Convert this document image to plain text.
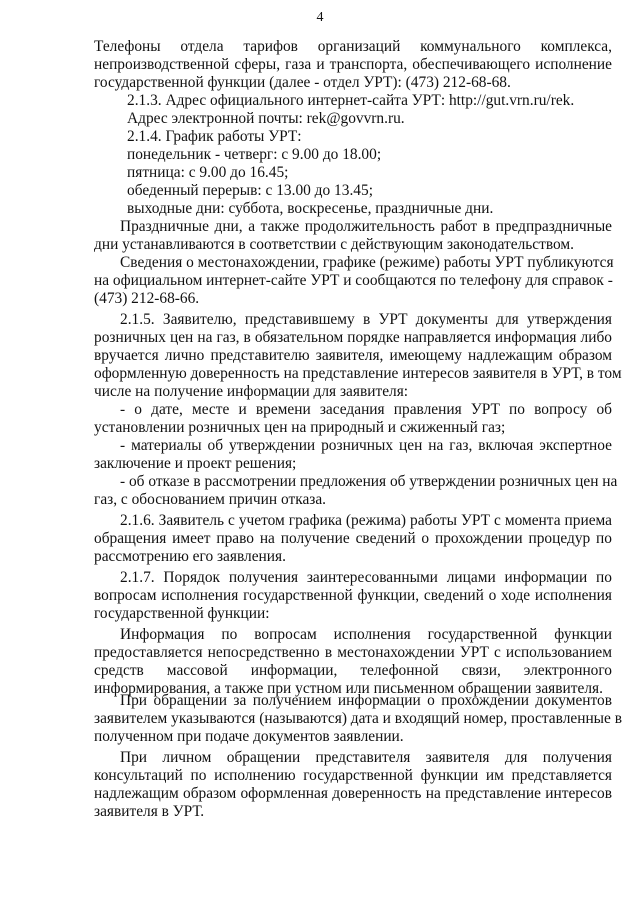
4
Телефоны отдела тарифов организаций коммунального комплекса,
непроизводственной сферы, газа и транспорта, обеспечивающего исполнение
государственной функции (далее - отдел УРТ): (473) 212-68-68.
2.1.3. Адрес официального интернет-сайта УРТ: http://gut.vrn.ru/rek.
Адрес электронной почты: rek@govvrn.ru.
2.1.4. График работы УРТ:
понедельник - четверг: с 9.00 до 18.00;
пятница: с 9.00 до 16.45;
обеденный перерыв: с 13.00 до 13.45;
выходные дни: суббота, воскресенье, праздничные дни.
Праздничные дни, а также продолжительность работ в предпраздничные
дни устанавливаются в соответствии с действующим законодательством.
Сведения о местонахождении, графике (режиме) работы УРТ публикуются
на официальном интернет-сайте УРТ и сообщаются по телефону для справок -
(473) 212-68-66.
2.1.5. Заявителю, представившему в УРТ документы для утверждения
розничных цен на газ, в обязательном порядке направляется информация либо
вручается лично представителю заявителя, имеющему надлежащим образом
оформленную доверенность на представление интересов заявителя в УРТ, в том
числе на получение информации для заявителя:
- о дате, месте и времени заседания правления УРТ по вопросу об
установлении розничных цен на природный и сжиженный газ;
- материалы об утверждении розничных цен на газ, включая экспертное
заключение и проект решения;
- об отказе в рассмотрении предложения об утверждении розничных цен на
газ, с обоснованием причин отказа.
2.1.6. Заявитель с учетом графика (режима) работы УРТ с момента приема
обращения имеет право на получение сведений о прохождении процедур по
рассмотрению его заявления.
2.1.7. Порядок получения заинтересованными лицами информации по
вопросам исполнения государственной функции, сведений о ходе исполнения
государственной функции:
Информация по вопросам исполнения государственной функции
предоставляется непосредственно в местонахождении УРТ с использованием
средств массовой информации, телефонной связи, электронного
информирования, а также при устном или письменном обращении заявителя.
При обращении за получением информации о прохождении документов
заявителем указываются (называются) дата и входящий номер, проставленные в
полученном при подаче документов заявлении.
При личном обращении представителя заявителя для получения
консультаций по исполнению государственной функции им представляется
надлежащим образом оформленная доверенность на представление интересов
заявителя в УРТ.
